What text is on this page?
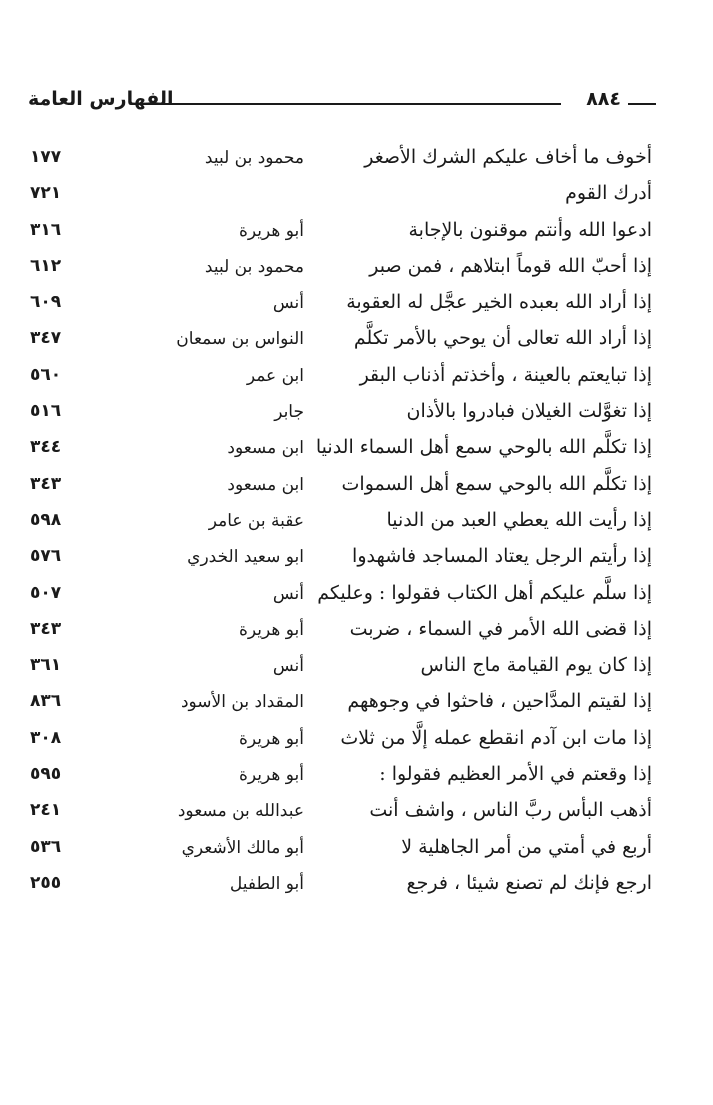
الفهارس العامة	٨٨٤
أخوف ما أخاف عليكم الشرك الأصغر
محمود بن لبيد
١٧٧
أدرك القوم
٧٢١
ادعوا الله وأنتم موقنون بالإجابة
أبو هريرة
٣١٦
إذا أحبّ الله قوماً ابتلاهم ، فمن صبر
محمود بن لبيد
٦١٢
إذا أراد الله بعبده الخير عجَّل له العقوبة
أنس
٦٠٩
إذا أراد الله تعالى أن يوحي بالأمر تكلَّم
النواس بن سمعان
٣٤٧
إذا تبايعتم بالعينة ، وأخذتم أذناب البقر
ابن عمر
٥٦٠
إذا تغوَّلت الغيلان فبادروا بالأذان
جابر
٥١٦
إذا تكلَّم الله بالوحي سمع أهل السماء الدنيا
ابن مسعود
٣٤٤
إذا تكلَّم الله بالوحي سمع أهل السموات
ابن مسعود
٣٤٣
إذا رأيت الله يعطي العبد من الدنيا
عقبة بن عامر
٥٩٨
إذا رأيتم الرجل يعتاد المساجد فاشهدوا
ابو سعيد الخدري
٥٧٦
إذا سلَّم عليكم أهل الكتاب فقولوا : وعليكم
أنس
٥٠٧
إذا قضى الله الأمر في السماء ، ضربت
أبو هريرة
٣٤٣
إذا كان يوم القيامة ماج الناس
أنس
٣٦١
إذا لقيتم المدَّاحين ، فاحثوا في وجوههم
المقداد بن الأسود
٨٣٦
إذا مات ابن آدم انقطع عمله إلَّا من ثلاث
أبو هريرة
٣٠٨
إذا وقعتم في الأمر العظيم فقولوا :
أبو هريرة
٥٩٥
أذهب البأس ربَّ الناس ، واشف أنت
عبدالله بن مسعود
٢٤١
أربع في أمتي من أمر الجاهلية لا
أبو مالك الأشعري
٥٣٦
ارجع فإنك لم تصنع شيئا ، فرجع
أبو الطفيل
٢٥٥
